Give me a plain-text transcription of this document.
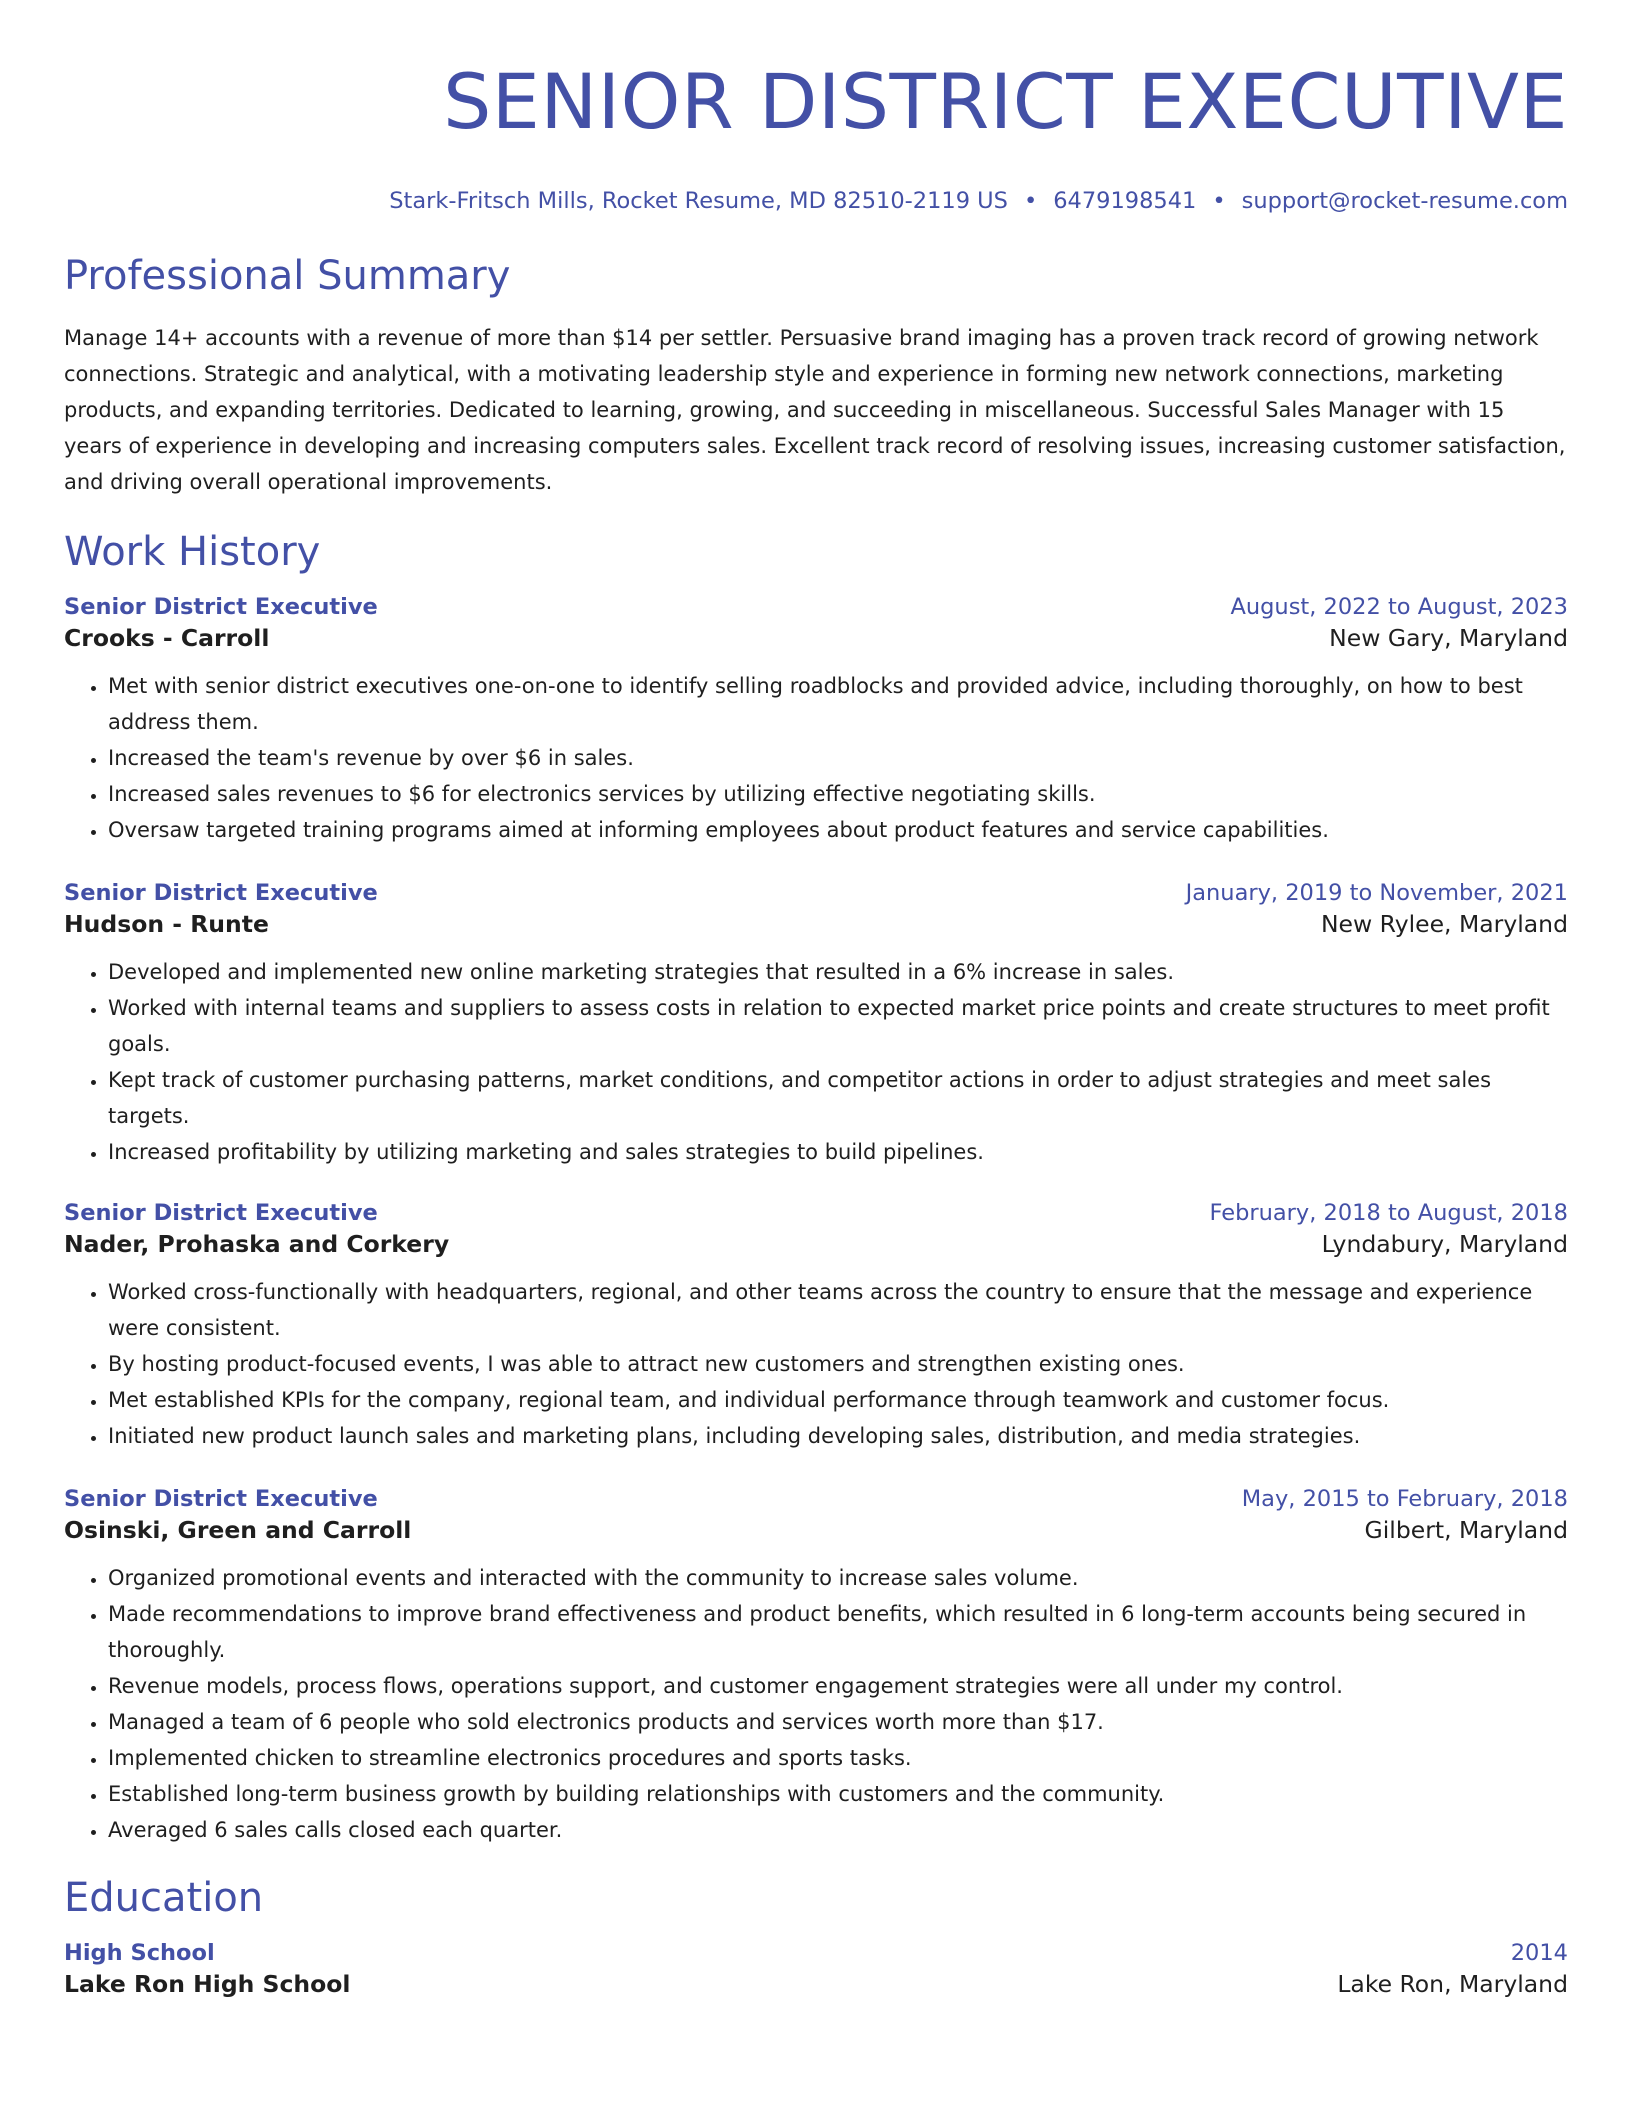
SENIOR DISTRICT EXECUTIVE
Stark-Fritsch Mills, Rocket Resume, MD 82510-2119 US • 6479198541 • support@rocket-resume.com
Professional Summary

Manage 14+ accounts with a revenue of more than $14 per settler. Persuasive brand imaging has a proven track record of growing network connections. Strategic and analytical, with a motivating leadership style and experience in forming new network connections, marketing products, and expanding territories. Dedicated to learning, growing, and succeeding in miscellaneous. Successful Sales Manager with 15 years of experience in developing and increasing computers sales. Excellent track record of resolving issues, increasing customer satisfaction, and driving overall operational improvements.

Work History
Senior District Executive	August, 2022 to August, 2023
Crooks - Carroll	New Gary, Maryland
• Met with senior district executives one-on-one to identify selling roadblocks and provided advice, including thoroughly, on how to best address them.
• Increased the team's revenue by over $6 in sales.
• Increased sales revenues to $6 for electronics services by utilizing effective negotiating skills.
• Oversaw targeted training programs aimed at informing employees about product features and service capabilities.
Senior District Executive	January, 2019 to November, 2021
Hudson - Runte	New Rylee, Maryland
• Developed and implemented new online marketing strategies that resulted in a 6% increase in sales.
• Worked with internal teams and suppliers to assess costs in relation to expected market price points and create structures to meet profit goals.
• Kept track of customer purchasing patterns, market conditions, and competitor actions in order to adjust strategies and meet sales targets.
• Increased profitability by utilizing marketing and sales strategies to build pipelines.
Senior District Executive	February, 2018 to August, 2018
Nader, Prohaska and Corkery	Lyndabury, Maryland
• Worked cross-functionally with headquarters, regional, and other teams across the country to ensure that the message and experience were consistent.
• By hosting product-focused events, I was able to attract new customers and strengthen existing ones.
• Met established KPIs for the company, regional team, and individual performance through teamwork and customer focus.
• Initiated new product launch sales and marketing plans, including developing sales, distribution, and media strategies.
Senior District Executive	May, 2015 to February, 2018
Osinski, Green and Carroll	Gilbert, Maryland
• Organized promotional events and interacted with the community to increase sales volume.
• Made recommendations to improve brand effectiveness and product benefits, which resulted in 6 long-term accounts being secured in thoroughly.
• Revenue models, process flows, operations support, and customer engagement strategies were all under my control.
• Managed a team of 6 people who sold electronics products and services worth more than $17.
• Implemented chicken to streamline electronics procedures and sports tasks.
• Established long-term business growth by building relationships with customers and the community.
• Averaged 6 sales calls closed each quarter.
Education
High School	2014
Lake Ron High School	Lake Ron, Maryland
